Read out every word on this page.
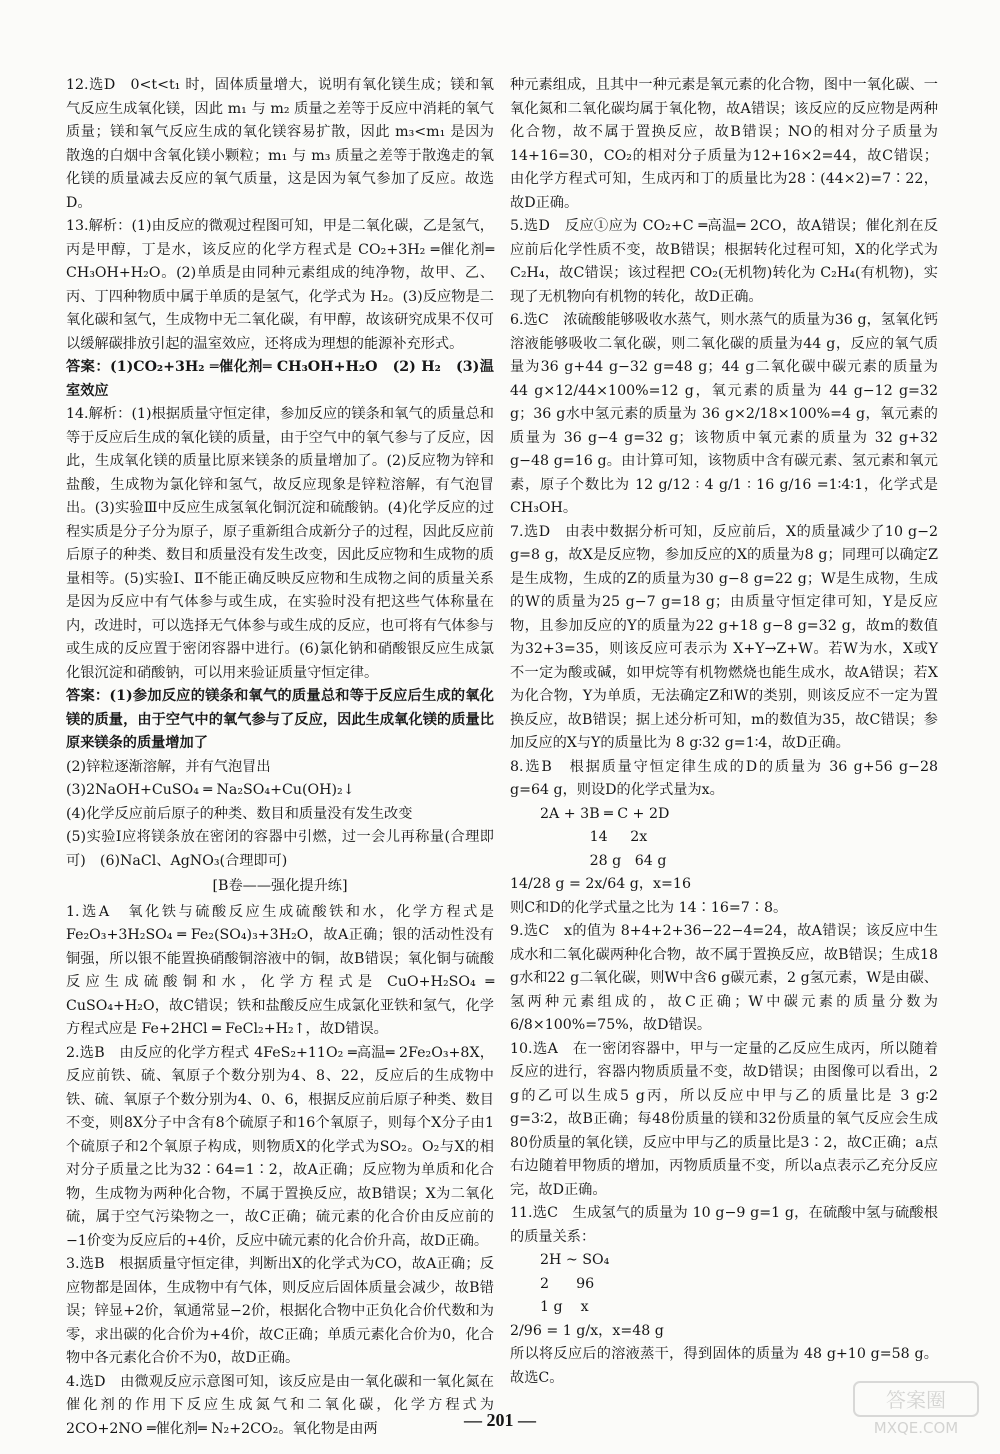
12.选D　0<t<t₁ 时，固体质量增大，说明有氧化镁生成；镁和氧气反应生成氧化镁，因此 m₁ 与 m₂ 质量之差等于反应中消耗的氧气质量；镁和氧气反应生成的氧化镁容易扩散，因此 m₃<m₁ 是因为散逸的白烟中含氧化镁小颗粒；m₁ 与 m₃ 质量之差等于散逸走的氧化镁的质量减去反应的氧气质量，这是因为氧气参加了反应。故选D。

13.解析：(1)由反应的微观过程图可知，甲是二氧化碳，乙是氢气，丙是甲醇，丁是水，该反应的化学方程式是 CO₂+3H₂ ═催化剂═ CH₃OH+H₂O。(2)单质是由同种元素组成的纯净物，故甲、乙、丙、丁四种物质中属于单质的是氢气，化学式为 H₂。(3)反应物是二氧化碳和氢气，生成物中无二氧化碳，有甲醇，故该研究成果不仅可以缓解碳排放引起的温室效应，还将成为理想的能源补充形式。

答案：(1)CO₂+3H₂ ═催化剂═ CH₃OH+H₂O　(2) H₂　(3)温室效应

14.解析：(1)根据质量守恒定律，参加反应的镁条和氧气的质量总和等于反应后生成的氧化镁的质量，由于空气中的氧气参与了反应，因此，生成氧化镁的质量比原来镁条的质量增加了。(2)反应物为锌和盐酸，生成物为氯化锌和氢气，故反应现象是锌粒溶解，有气泡冒出。(3)实验Ⅲ中反应生成氢氧化铜沉淀和硫酸钠。(4)化学反应的过程实质是分子分为原子，原子重新组合成新分子的过程，因此反应前后原子的种类、数目和质量没有发生改变，因此反应物和生成物的质量相等。(5)实验Ⅰ、Ⅱ不能正确反映反应物和生成物之间的质量关系是因为反应中有气体参与或生成，在实验时没有把这些气体称量在内，改进时，可以选择无气体参与或生成的反应，也可将有气体参与或生成的反应置于密闭容器中进行。(6)氯化钠和硝酸银反应生成氯化银沉淀和硝酸钠，可以用来验证质量守恒定律。

答案：(1)参加反应的镁条和氧气的质量总和等于反应后生成的氧化镁的质量，由于空气中的氧气参与了反应，因此生成氧化镁的质量比原来镁条的质量增加了

(2)锌粒逐渐溶解，并有气泡冒出

(3)2NaOH+CuSO₄ ═ Na₂SO₄+Cu(OH)₂↓

(4)化学反应前后原子的种类、数目和质量没有发生改变

(5)实验Ⅰ应将镁条放在密闭的容器中引燃，过一会儿再称量(合理即可)　(6)NaCl、AgNO₃(合理即可)

[B卷——强化提升练]

1.选A　氧化铁与硫酸反应生成硫酸铁和水，化学方程式是 Fe₂O₃+3H₂SO₄ ═ Fe₂(SO₄)₃+3H₂O，故A正确；银的活动性没有铜强，所以银不能置换硝酸铜溶液中的铜，故B错误；氧化铜与硫酸反应生成硫酸铜和水，化学方程式是 CuO+H₂SO₄ ═ CuSO₄+H₂O，故C错误；铁和盐酸反应生成氯化亚铁和氢气，化学方程式应是 Fe+2HCl ═ FeCl₂+H₂↑，故D错误。

2.选B　由反应的化学方程式 4FeS₂+11O₂ ═高温═ 2Fe₂O₃+8X，反应前铁、硫、氧原子个数分别为4、8、22，反应后的生成物中铁、硫、氧原子个数分别为4、0、6，根据反应前后原子种类、数目不变，则8X分子中含有8个硫原子和16个氧原子，则每个X分子由1个硫原子和2个氧原子构成，则物质X的化学式为SO₂。O₂与X的相对分子质量之比为32∶64=1∶2，故A正确；反应物为单质和化合物，生成物为两种化合物，不属于置换反应，故B错误；X为二氧化硫，属于空气污染物之一，故C正确；硫元素的化合价由反应前的−1价变为反应后的+4价，反应中硫元素的化合价升高，故D正确。

3.选B　根据质量守恒定律，判断出X的化学式为CO，故A正确；反应物都是固体，生成物中有气体，则反应后固体质量会减少，故B错误；锌显+2价，氧通常显−2价，根据化合物中正负化合价代数和为零，求出碳的化合价为+4价，故C正确；单质元素化合价为0，化合物中各元素化合价不为0，故D正确。

4.选D　由微观反应示意图可知，该反应是由一氧化碳和一氧化氮在催化剂的作用下反应生成氮气和二氧化碳，化学方程式为 2CO+2NO ═催化剂═ N₂+2CO₂。氧化物是由两

种元素组成，且其中一种元素是氧元素的化合物，图中一氧化碳、一氧化氮和二氧化碳均属于氧化物，故A错误；该反应的反应物是两种化合物，故不属于置换反应，故B错误；NO的相对分子质量为14+16=30，CO₂的相对分子质量为12+16×2=44，故C错误；由化学方程式可知，生成丙和丁的质量比为28∶(44×2)=7∶22，故D正确。

5.选D　反应①应为 CO₂+C ═高温═ 2CO，故A错误；催化剂在反应前后化学性质不变，故B错误；根据转化过程可知，X的化学式为 C₂H₄，故C错误；该过程把 CO₂(无机物)转化为 C₂H₄(有机物)，实现了无机物向有机物的转化，故D正确。

6.选C　浓硫酸能够吸收水蒸气，则水蒸气的质量为36 g，氢氧化钙溶液能够吸收二氧化碳，则二氧化碳的质量为44 g，反应的氧气质量为36 g+44 g−32 g=48 g；44 g二氧化碳中碳元素的质量为 44 g×12/44×100%=12 g，氧元素的质量为 44 g−12 g=32 g；36 g水中氢元素的质量为 36 g×2/18×100%=4 g，氧元素的质量为 36 g−4 g=32 g；该物质中氧元素的质量为 32 g+32 g−48 g=16 g。由计算可知，该物质中含有碳元素、氢元素和氧元素，原子个数比为 12 g/12 ∶ 4 g/1 ∶ 16 g/16 =1∶4∶1，化学式是 CH₃OH。

7.选D　由表中数据分析可知，反应前后，X的质量减少了10 g−2 g=8 g，故X是反应物，参加反应的X的质量为8 g；同理可以确定Z是生成物，生成的Z的质量为30 g−8 g=22 g；W是生成物，生成的W的质量为25 g−7 g=18 g；由质量守恒定律可知，Y是反应物，且参加反应的Y的质量为22 g+18 g−8 g=32 g，故m的数值为32+3=35，则该反应可表示为 X+Y→Z+W。若W为水，X或Y不一定为酸或碱，如甲烷等有机物燃烧也能生成水，故A错误；若X为化合物，Y为单质，无法确定Z和W的类别，则该反应不一定为置换反应，故B错误；据上述分析可知，m的数值为35，故C错误；参加反应的X与Y的质量比为 8 g∶32 g=1∶4，故D正确。

8.选B　根据质量守恒定律生成的D的质量为 36 g+56 g−28 g=64 g，则设D的化学式量为x。

2A + 3B ═ C + 2D

14     2x

28 g   64 g

14/28 g = 2x/64 g，x=16

则C和D的化学式量之比为 14∶16=7∶8。

9.选C　x的值为 8+4+2+36−22−4=24，故A错误；该反应中生成水和二氧化碳两种化合物，故不属于置换反应，故B错误；生成18 g水和22 g二氧化碳，则W中含6 g碳元素，2 g氢元素，W是由碳、氢两种元素组成的，故C正确；W中碳元素的质量分数为 6/8×100%=75%，故D错误。

10.选A　在一密闭容器中，甲与一定量的乙反应生成丙，所以随着反应的进行，容器内物质质量不变，故D错误；由图像可以看出，2 g的乙可以生成5 g丙，所以反应中甲与乙的质量比是 3 g∶2 g=3∶2，故B正确；每48份质量的镁和32份质量的氧气反应会生成80份质量的氧化镁，反应中甲与乙的质量比是3∶2，故C正确；a点右边随着甲物质的增加，丙物质质量不变，所以a点表示乙充分反应完，故D正确。

11.选C　生成氢气的质量为 10 g−9 g=1 g，在硫酸中氢与硫酸根的质量关系：

2H ~ SO₄

2      96

1 g    x

2/96 = 1 g/x，x=48 g

所以将反应后的溶液蒸干，得到固体的质量为 48 g+10 g=58 g。故选C。

— 201 —
答案圈
MXQE.COM
